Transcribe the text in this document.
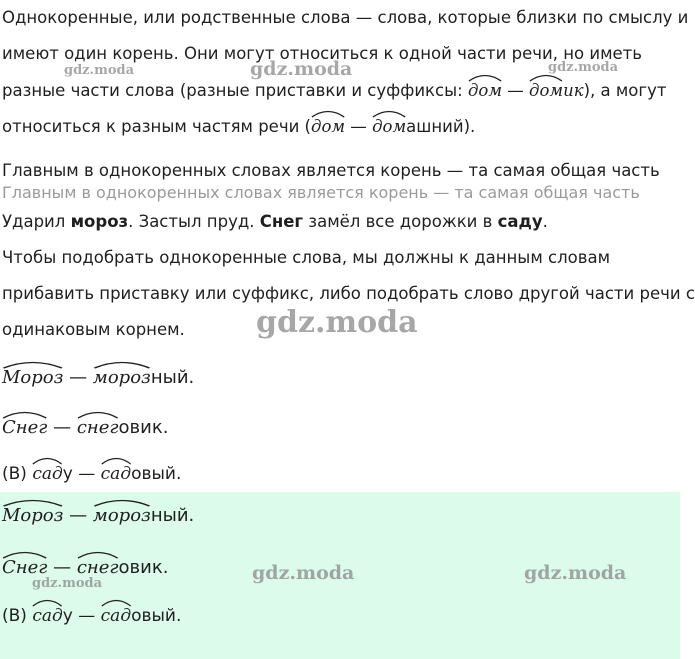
Главным в однокоренных словах является корень — та самая общая часть
Однокоренные, или родственные слова — слова, которые близки по смыслу и
имеют один корень. Они могут относиться к одной части речи, но иметь
разные части слова (разные приставки и суффиксы:
дом —
домик), а могут
относиться к разным частям речи (
дом —
домашний).
Главным в однокоренных словах является корень — та самая общая часть
Ударил мороз. Застыл пруд. Снег замёл все дорожки в саду.
Чтобы подобрать однокоренные слова, мы должны к данным словам
прибавить приставку или суффикс, либо подобрать слово другой части речи с
одинаковым корнем.
Мороз —
морозный.
Снег —
снеговик.
(В)
саду —
садовый.
Мороз —
морозный.
Снег —
снеговик.
(В)
саду —
садовый.
gdz.moda	gdz.moda	gdz.moda
gdz.moda
gdz.moda	gdz.moda
gdz.moda
